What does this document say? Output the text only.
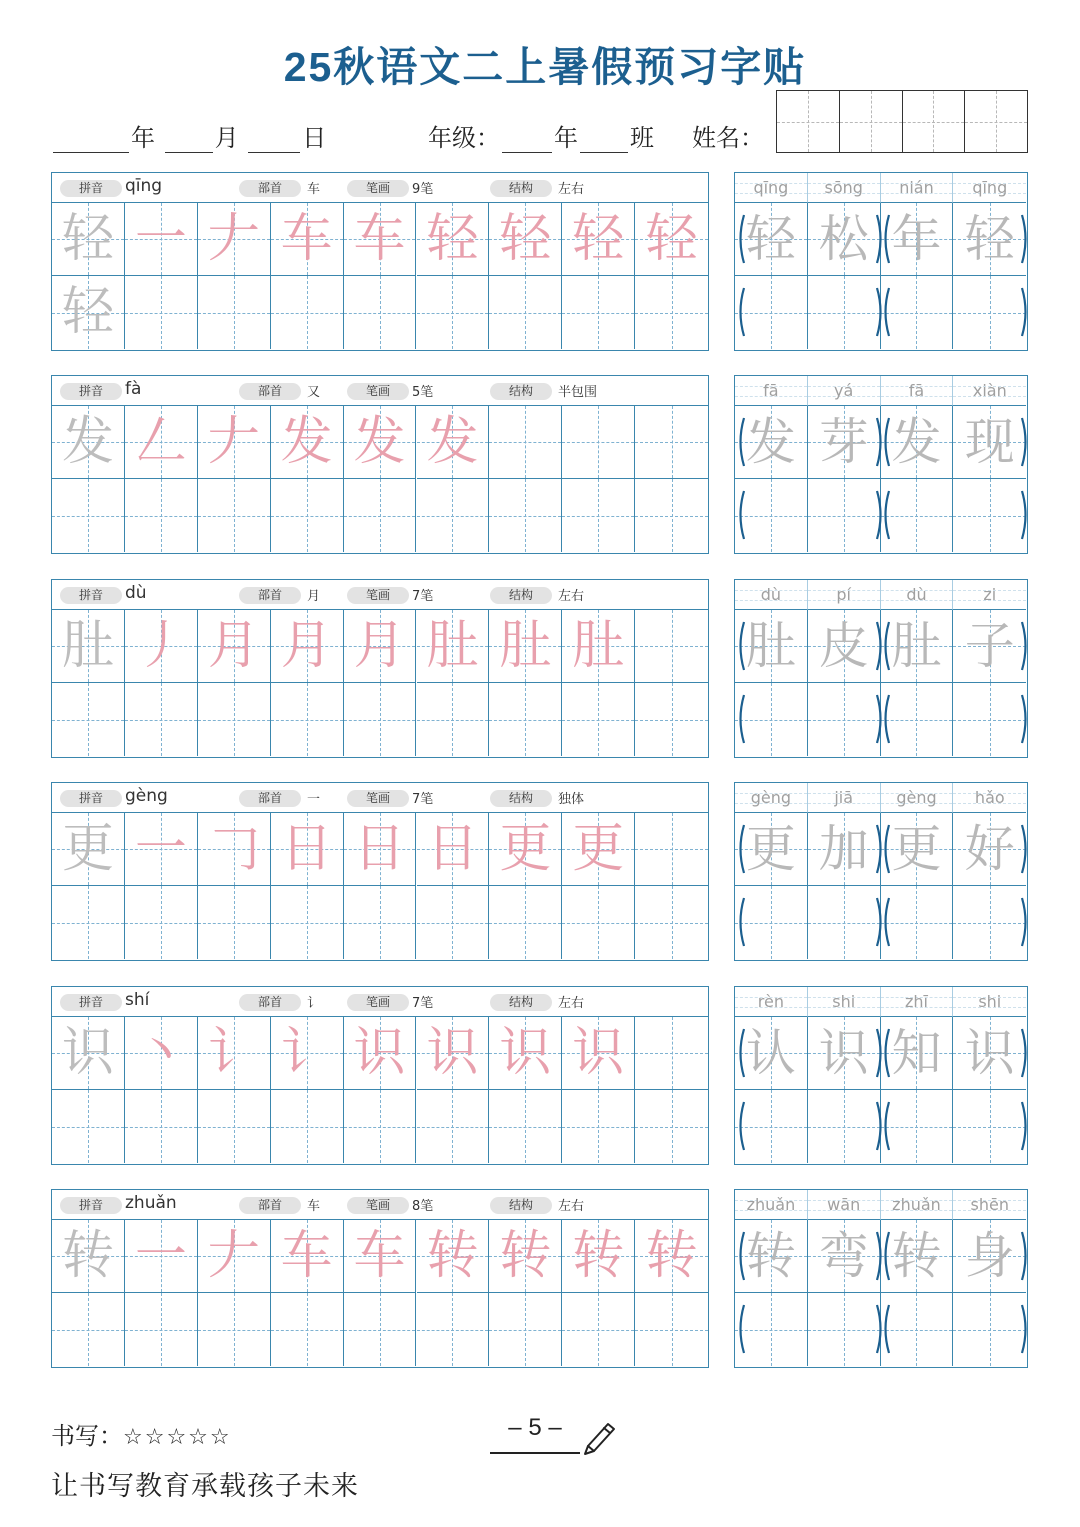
25秋语文二上暑假预习字贴
年 月	日	年级： 年 班 姓名：
拼音	qīng	部首	车	笔画	9笔	结构	左右
轻 一 𠂇 车 车 轻 轻 轻 轻
轻
qīng	sōng	nián	qīng
轻 松 年 轻
拼音	fà	部首	又	笔画	5笔	结构	半包围
发 𠃋 𠂇 发 发 发
fā	yá	fā	xiàn
发 芽 发 现
拼音	dù	部首	月	笔画	7笔	结构	左右
肚 丿 月 月 月 肚 肚 肚
dù	pí	dù	zi
肚 皮 肚 子
拼音	gèng	部首	一	笔画	7笔	结构	独体
更 一 𠃌 日 日 日 更 更
gèng	jiā	gèng	hǎo
更 加 更 好
拼音	shí	部首	讠	笔画	7笔	结构	左右
识 丶 讠 讠 识 识 识 识
rèn	shi	zhī	shi
认 识 知 识
拼音	zhuǎn	部首	车	笔画	8笔	结构	左右
转 一 𠂇 车 车 转 转 转 转
zhuǎn	wān	zhuǎn	shēn
转 弯 转 身
书写：☆☆☆☆☆	– 5 –
让书写教育承载孩子未来
